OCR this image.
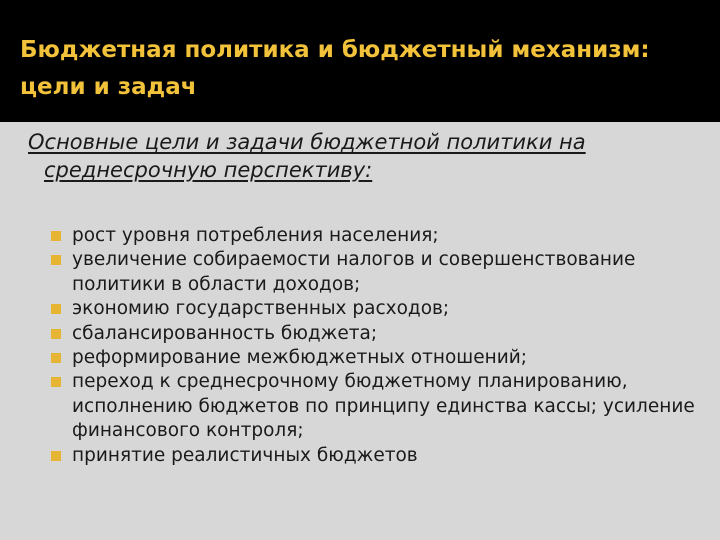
Бюджетная политика и бюджетный механизм: цели и задач
Основные цели и задачи бюджетной политики на среднесрочную перспективу:
рост уровня потребления населения;
увеличение собираемости налогов и совершенствование политики в области доходов;
экономию государственных расходов;
сбалансированность бюджета;
реформирование межбюджетных отношений;
переход к среднесрочному бюджетному планированию, исполнению бюджетов по принципу единства кассы; усиление финансового контроля;
принятие реалистичных бюджетов
